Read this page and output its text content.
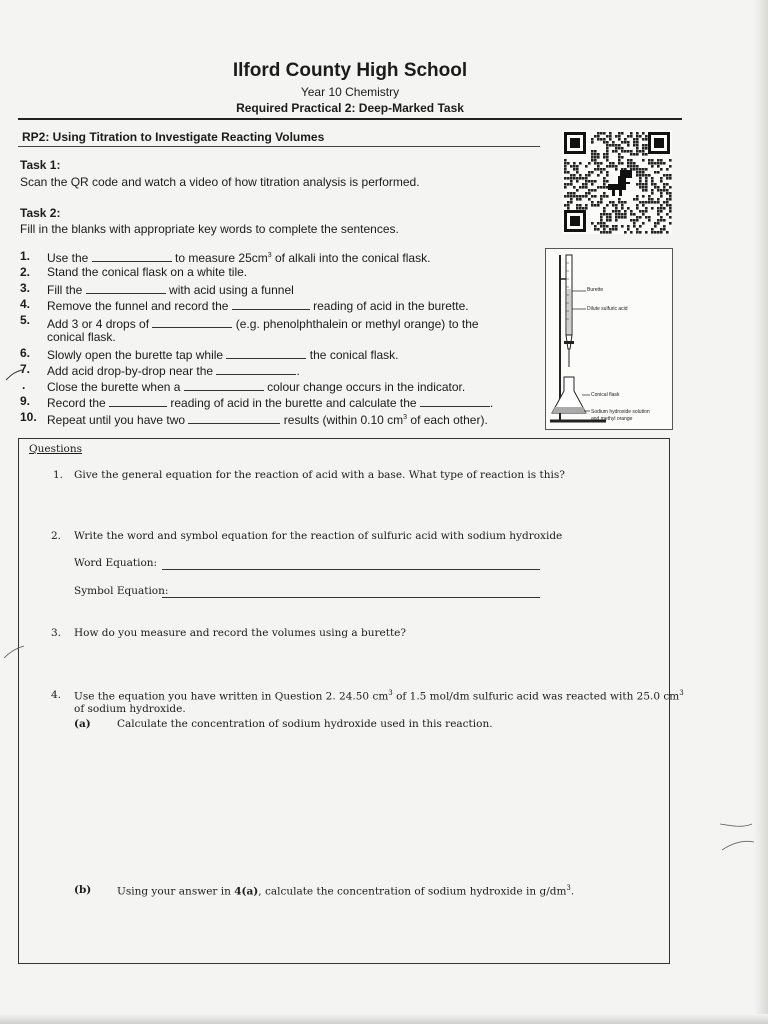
Ilford County High School
Year 10 Chemistry
Required Practical 2: Deep-Marked Task
RP2: Using Titration to Investigate Reacting Volumes
Task 1:
Scan the QR code and watch a video of how titration analysis is performed.
Task 2:
Fill in the blanks with appropriate key words to complete the sentences.
1. Use the	to measure $25cm^3$ of alkali into the conical flask.
2. Stand the conical flask on a white tile.
3. Fill the	with acid using a funnel
4. Remove the funnel and record the	reading of acid in the burette.
5. Add 3 or 4 drops of	(e.g. phenolphthalein or methyl orange) to the
conical flask.
6. Slowly open the burette tap while	the conical flask.
7. Add acid drop-by-drop near the	.
. Close the burette when a	colour change occurs in the indicator.
9. Record the	reading of acid in the burette and calculate the	.
10. Repeat until you have two	results (within 0.10 $cm^3$ of each other).
Burette
Dilute sulfuric acid
Conical flask
Sodium hydroxide solution
and methyl orange
Questions
1. Give the general equation for the reaction of acid with a base. What type of reaction is this?
2. Write the word and symbol equation for the reaction of sulfuric acid with sodium hydroxide
Word Equation:
Symbol Equation:
3. How do you measure and record the volumes using a burette?
4. Use the equation you have written in Question 2. 24.50 $cm^3$ of 1.5 mol/dm sulfuric acid was reacted with 25.0 $cm^3$
of sodium hydroxide.
(a)	Calculate the concentration of sodium hydroxide used in this reaction.
(b) Using your answer in 4(a), calculate the concentration of sodium hydroxide in $g/dm^3$.
